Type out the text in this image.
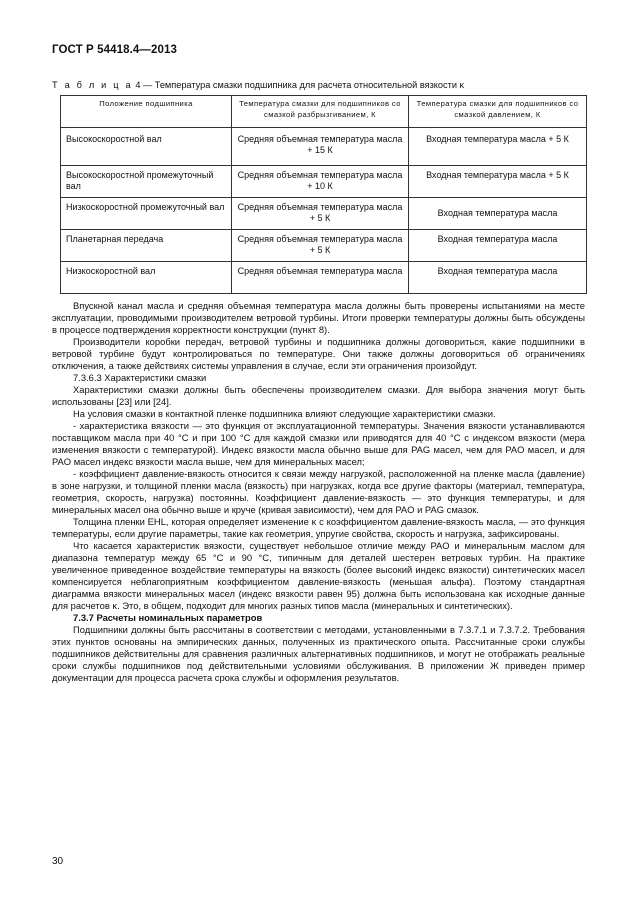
ГОСТ Р 54418.4—2013
Т а б л и ц а 4 — Температура смазки подшипника для расчета относительной вязкости κ
Положение подшипника	Температура смазки для подшипников со смазкой разбрызгиванием, К	Температура смазки для подшипников со смазкой давлением, К
Высокоскоростной вал	Средняя объемная температура масла + 15 К	Входная температура масла + 5 К
Высокоскоростной промежуточный вал	Средняя объемная температура масла + 10 К	Входная температура масла + 5 К
Низкоскоростной промежуточный вал	Средняя объемная температура масла + 5 К	Входная температура масла
Планетарная передача	Средняя объемная температура масла + 5 К	Входная температура масла
Низкоскоростной вал	Средняя объемная температура масла	Входная температура масла

Впускной канал масла и средняя объемная температура масла должны быть проверены испытаниями на месте эксплуатации, проводимыми производителем ветровой турбины. Итоги проверки температуры должны быть обсуждены в процессе подтверждения корректности конструкции (пункт 8).

Производители коробки передач, ветровой турбины и подшипника должны договориться, какие подшипники в ветровой турбине будут контролироваться по температуре. Они также должны договориться об ограничениях отключения, а также действиях системы управления в случае, если эти ограничения произойдут.

7.3.6.3 Характеристики смазки

Характеристики смазки должны быть обеспечены производителем смазки. Для выбора значения могут быть использованы [23] или [24].

На условия смазки в контактной пленке подшипника влияют следующие характеристики смазки.

- характеристика вязкости — это функция от эксплуатационной температуры. Значения вязкости устанавливаются поставщиком масла при 40 °С и при 100 °С для каждой смазки или приводятся для 40 °С с индексом вязкости (мера изменения вязкости с температурой). Индекс вязкости масла обычно выше для PAG масел, чем для PAO масел, и для PAO масел индекс вязкости масла выше, чем для минеральных масел;

- коэффициент давление-вязкость относится к связи между нагрузкой, расположенной на пленке масла (давление) в зоне нагрузки, и толщиной пленки масла (вязкость) при нагрузках, когда все другие факторы (материал, температура, геометрия, скорость, нагрузка) постоянны. Коэффициент давление-вязкость — это функция температуры, и для минеральных масел она обычно выше и круче (кривая зависимости), чем для PAO и PAG смазок.

Толщина пленки EHL, которая определяет изменение κ с коэффициентом давление-вязкость масла, — это функция температуры, если другие параметры, такие как геометрия, упругие свойства, скорость и нагрузка, зафиксированы.

Что касается характеристик вязкости, существует небольшое отличие между PAO и минеральным маслом для диапазона температур между 65 °С и 90 °С, типичным для деталей шестерен ветровых турбин. На практике увеличенное приведенное воздействие температуры на вязкость (более высокий индекс вязкости) синтетических масел компенсируется неблагоприятным коэффициентом давление-вязкость (меньшая альфа). Поэтому стандартная диаграмма вязкости минеральных масел (индекс вязкости равен 95) должна быть использована как исходные данные для расчетов κ. Это, в общем, подходит для многих разных типов масла (минеральных и синтетических).

7.3.7 Расчеты номинальных параметров

Подшипники должны быть рассчитаны в соответствии с методами, установленными в 7.3.7.1 и 7.3.7.2. Требования этих пунктов основаны на эмпирических данных, полученных из практического опыта. Рассчитанные сроки службы подшипников действительны для сравнения различных альтернативных подшипников, и могут не отображать реальные сроки службы подшипников под действительными условиями обслуживания. В приложении Ж приведен пример документации для процесса расчета срока службы и оформления результатов.

30
